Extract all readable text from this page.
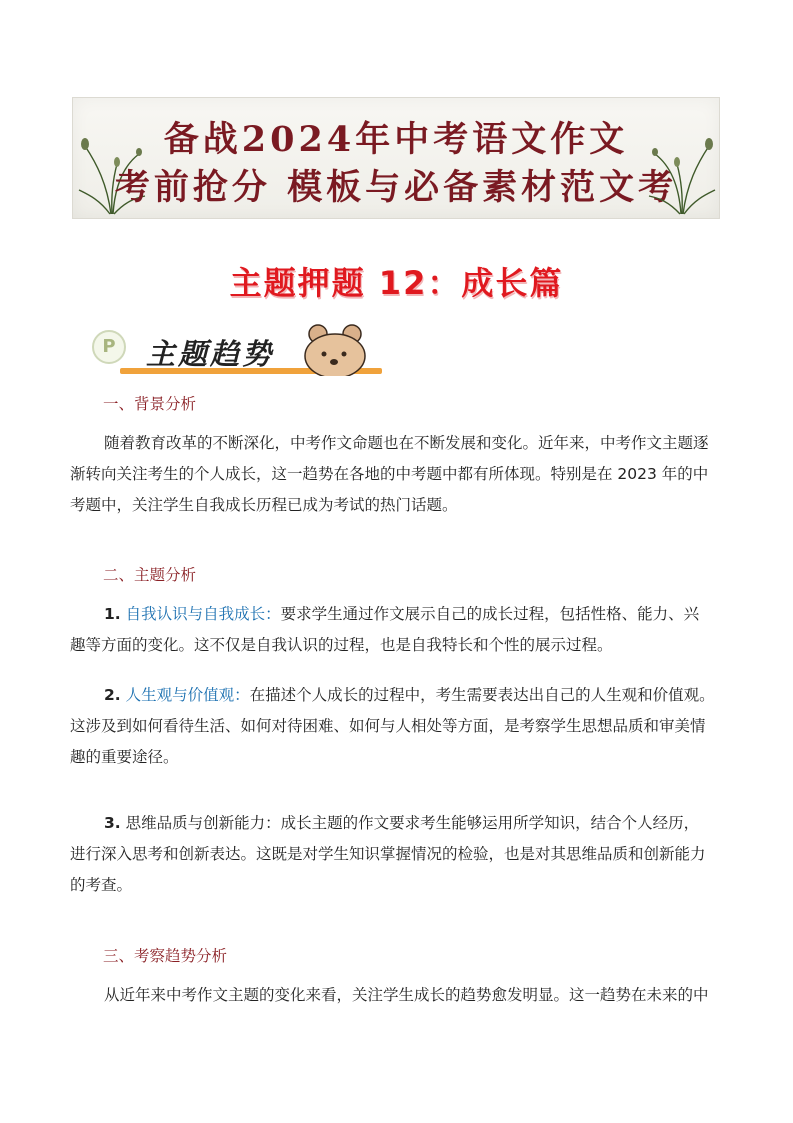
备战2024年中考语文作文
考前抢分 模板与必备素材范文考
主题押题 12：成长篇
P	主题趋势
一、背景分析
随着教育改革的不断深化，中考作文命题也在不断发展和变化。近年来，中考作文主题逐
渐转向关注考生的个人成长，这一趋势在各地的中考题中都有所体现。特别是在 2023 年的中
考题中，关注学生自我成长历程已成为考试的热门话题。
二、主题分析
1. 自我认识与自我成长：要求学生通过作文展示自己的成长过程，包括性格、能力、兴
趣等方面的变化。这不仅是自我认识的过程，也是自我特长和个性的展示过程。
2. 人生观与价值观：在描述个人成长的过程中，考生需要表达出自己的人生观和价值观。
这涉及到如何看待生活、如何对待困难、如何与人相处等方面，是考察学生思想品质和审美情
趣的重要途径。
3. 思维品质与创新能力：成长主题的作文要求考生能够运用所学知识，结合个人经历，
进行深入思考和创新表达。这既是对学生知识掌握情况的检验，也是对其思维品质和创新能力
的考查。
三、考察趋势分析
从近年来中考作文主题的变化来看，关注学生成长的趋势愈发明显。这一趋势在未来的中
